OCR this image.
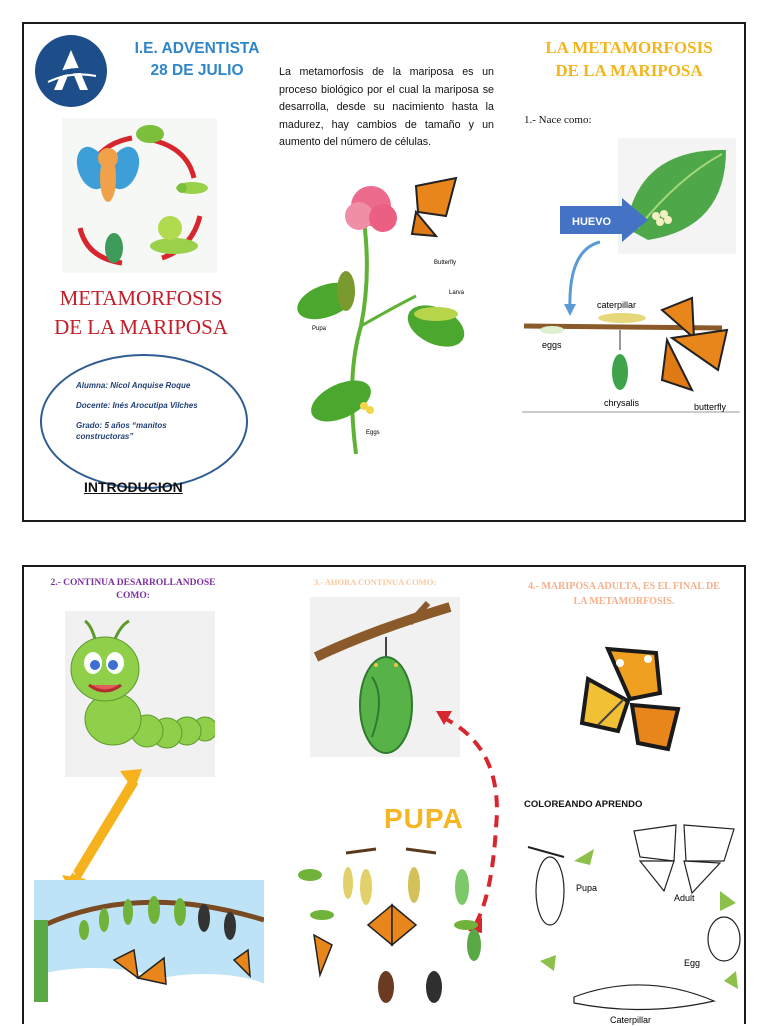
I.E. ADVENTISTA
28 DE JULIO	La metamorfosis de la mariposa es un proceso biológico por el cual la mariposa se desarrolla, desde su nacimiento hasta la madurez, hay cambios de tamaño y un aumento del número de células.
LA METAMORFOSIS
DE LA MARIPOSA
METAMORFOSIS
DE LA MARIPOSA

Alumna: Nicol Anquise Roque

Docente: Inés Arocutipa Vilches

Grado: 5 años “manitos constructoras”

INTRODUCION
Butterfly
Larva
Pupa
Eggs
1.- Nace como:
HUEVO
caterpillar
eggs
chrysalis	butterfly
2.- CONTINUA DESARROLLANDOSE COMO:
3.- AHORA CONTINUA COMO:	4.- MARIPOSA ADULTA, ES EL FINAL DE LA METAMORFOSIS.
A
PUPA	COLOREANDO APRENDO
Pupa
Adult
Egg
Caterpillar
